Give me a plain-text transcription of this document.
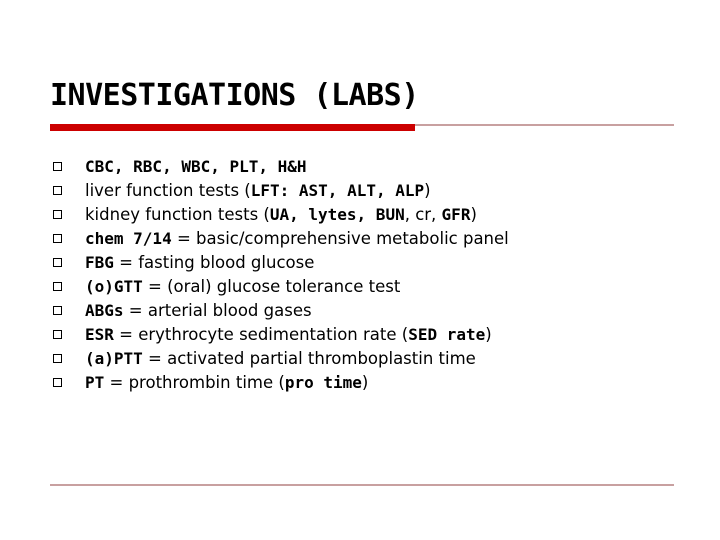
INVESTIGATIONS (LABS)
CBC, RBC, WBC, PLT, H&H
liver function tests (LFT: AST, ALT, ALP)
kidney function tests (UA, lytes, BUN, cr, GFR)
chem 7/14 = basic/comprehensive metabolic panel
FBG = fasting blood glucose
(o)GTT = (oral) glucose tolerance test
ABGs = arterial blood gases
ESR = erythrocyte sedimentation rate (SED rate)
(a)PTT = activated partial thromboplastin time
PT = prothrombin time (pro time)
